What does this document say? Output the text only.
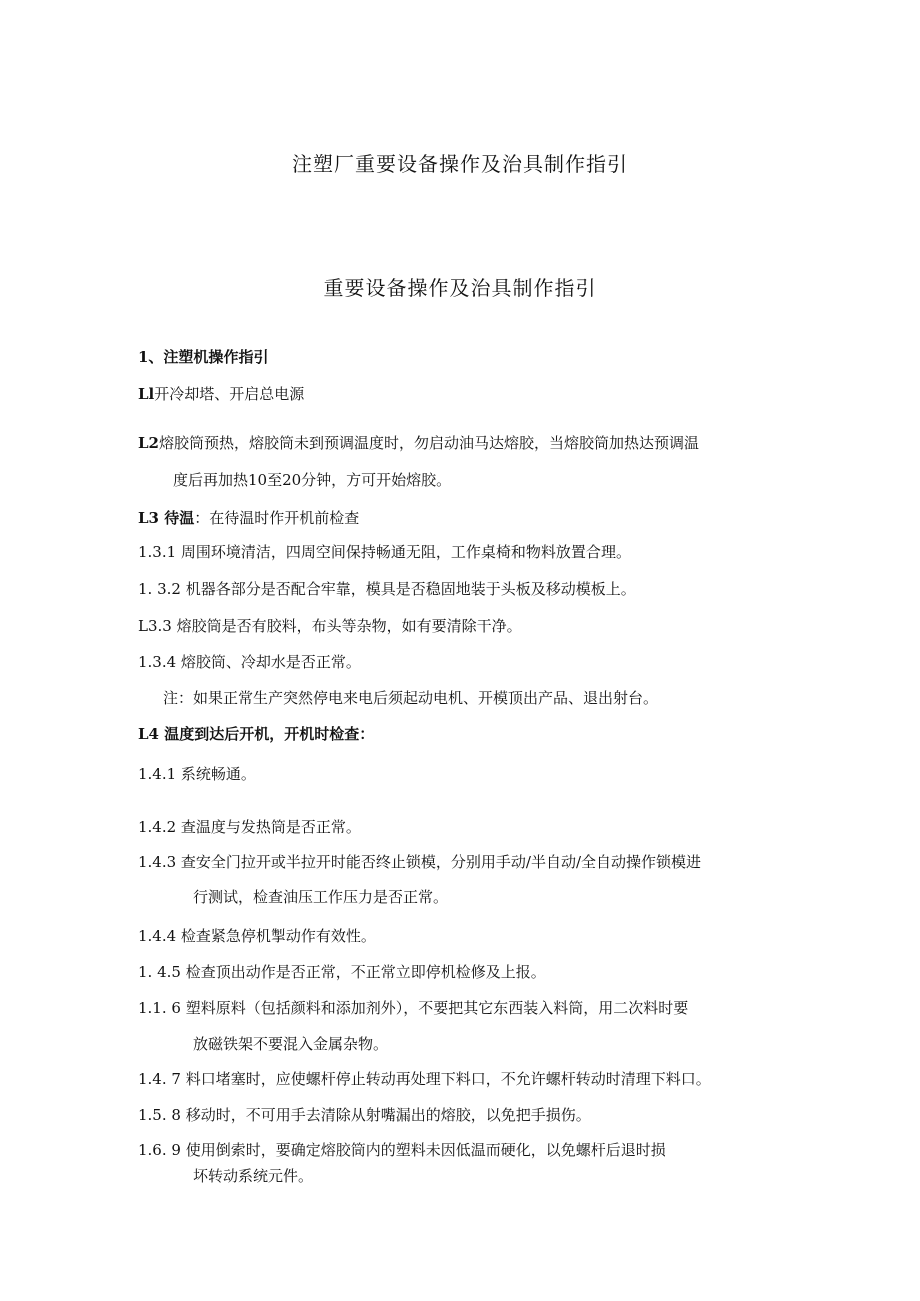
注塑厂重要设备操作及治具制作指引
重要设备操作及治具制作指引
1、注塑机操作指引
Ll开冷却塔、开启总电源
L2熔胶筒预热，熔胶筒未到预调温度时，勿启动油马达熔胶，当熔胶筒加热达预调温
度后再加热10至20分钟，方可开始熔胶。
L3 待温：在待温时作开机前检查
1.3.1 周围环境清洁，四周空间保持畅通无阻，工作桌椅和物料放置合理。
1. 3.2 机器各部分是否配合牢靠，模具是否稳固地装于头板及移动模板上。
L3.3 熔胶筒是否有胶料，布头等杂物，如有要清除干净。
1.3.4 熔胶筒、冷却水是否正常。
注：如果正常生产突然停电来电后须起动电机、开模顶出产品、退出射台。
L4 温度到达后开机，开机时检查：
1.4.1 系统畅通。
1.4.2 查温度与发热筒是否正常。
1.4.3 查安全门拉开或半拉开时能否终止锁模，分别用手动/半自动/全自动操作锁模进
行测试，检查油压工作压力是否正常。
1.4.4 检查紧急停机掣动作有效性。
1. 4.5 检查顶出动作是否正常，不正常立即停机检修及上报。
1.1. 6 塑料原料（包括颜料和添加剂外），不要把其它东西装入料筒，用二次料时要
放磁铁架不要混入金属杂物。
1.4. 7 料口堵塞时，应使螺杆停止转动再处理下料口，不允许螺杆转动时清理下料口。
1.5. 8 移动时，不可用手去清除从射嘴漏出的熔胶，以免把手损伤。
1.6. 9 使用倒索时，要确定熔胶筒内的塑料未因低温而硬化，以免螺杆后退时损
坏转动系统元件。
